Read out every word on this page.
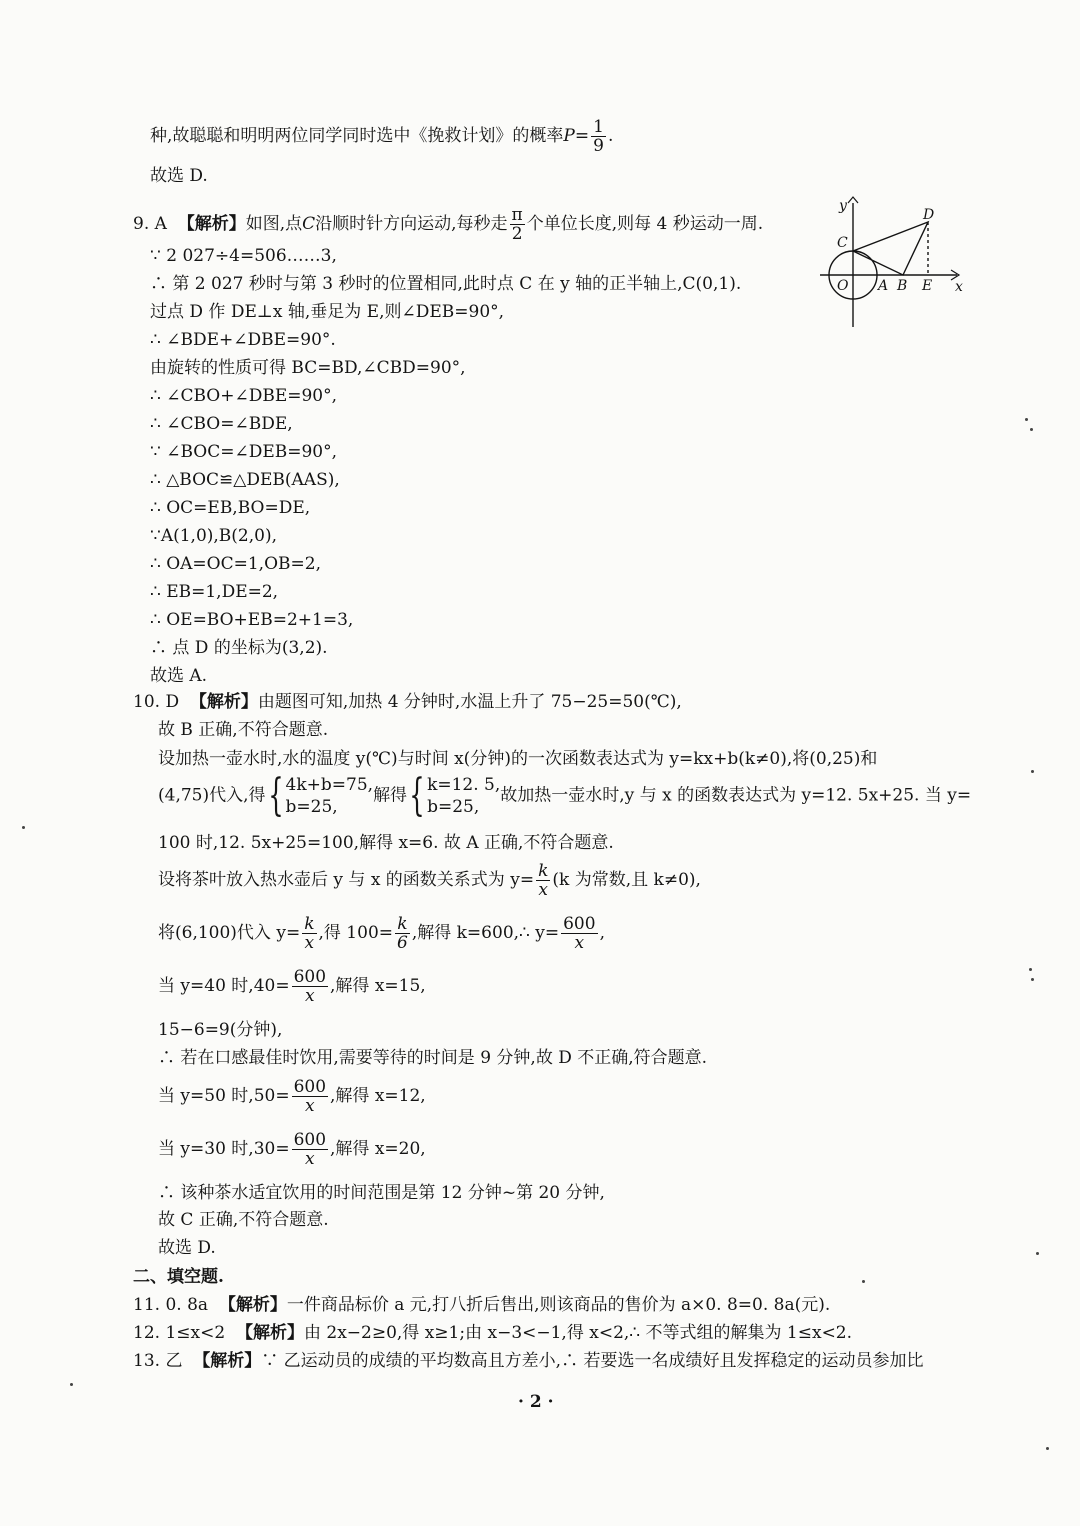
种,故聪聪和明明两位同学同时选中《挽救计划》的概率$P= \frac{1}{9}$ .
故选 D.
9. A 【解析】如图,点C沿顺时针方向运动,每秒走 $\frac{\pi}{2}$ 个单位长度,则每 4 秒运动一周.
∵ 2 027÷4=506……3,
∴ 第 2 027 秒时与第 3 秒时的位置相同,此时点 C 在 y 轴的正半轴上,C(0,1).
过点 D 作 DE⊥x 轴,垂足为 E,则∠DEB=90°,
∴ ∠BDE+∠DBE=90°.
由旋转的性质可得 BC=BD,∠CBD=90°,
∴ ∠CBO+∠DBE=90°,
∴ ∠CBO=∠BDE,
∵ ∠BOC=∠DEB=90°,
∴ △BOC≌△DEB(AAS),
∴ OC=EB,BO=DE,
∵A(1,0),B(2,0),
∴ OA=OC=1,OB=2,
∴ EB=1,DE=2,
∴ OE=BO+EB=2+1=3,
∴ 点 D 的坐标为(3,2).
故选 A.
y
x
D
C
O A B E
10. D 【解析】由题图可知,加热 4 分钟时,水温上升了 75−25=50(℃),
故 B 正确,不符合题意.
设加热一壶水时,水的温度 y(℃)与时间 x(分钟)的一次函数表达式为 y=kx+b(k≠0),将(0,25)和
(4,75)代入,得{ 4k+b=75,
b=25,
解得{ k=12. 5,
b=25,
故加热一壶水时,y 与 x 的函数表达式为 y=12. 5x+25. 当 y=
100 时,12. 5x+25=100,解得 x=6. 故 A 正确,不符合题意.
设将茶叶放入热水壶后 y 与 x 的函数关系式为 $y= \frac{k}{x} (k$ 为常数,且 k≠0),
将(6,100)代入 $y= \frac{k}{x}$ ,得 $100= \frac{k}{6}$ ,解得 k=600,∴ $y= \frac{600}{x}$ ,
当 y=40 时$,40= \frac{600}{x}$ ,解得 x=15,
15−6=9(分钟),
∴ 若在口感最佳时饮用,需要等待的时间是 9 分钟,故 D 不正确,符合题意.
当 y=50 时$,50= \frac{600}{x}$ ,解得 x=12,
当 y=30 时$,30= \frac{600}{x}$ ,解得 x=20,
∴ 该种茶水适宜饮用的时间范围是第 12 分钟~第 20 分钟,
故 C 正确,不符合题意.
故选 D.
二、填空题.
11. 0. 8a 【解析】一件商品标价 a 元,打八折后售出,则该商品的售价为 a×0. 8=0. 8a(元).
12. 1≤x<2 【解析】由 2x−2≥0,得 x≥1;由 x−3<−1,得 x<2,∴ 不等式组的解集为 1≤x<2.
13. 乙 【解析】∵ 乙运动员的成绩的平均数高且方差小,∴ 若要选一名成绩好且发挥稳定的运动员参加比
· 2 ·
